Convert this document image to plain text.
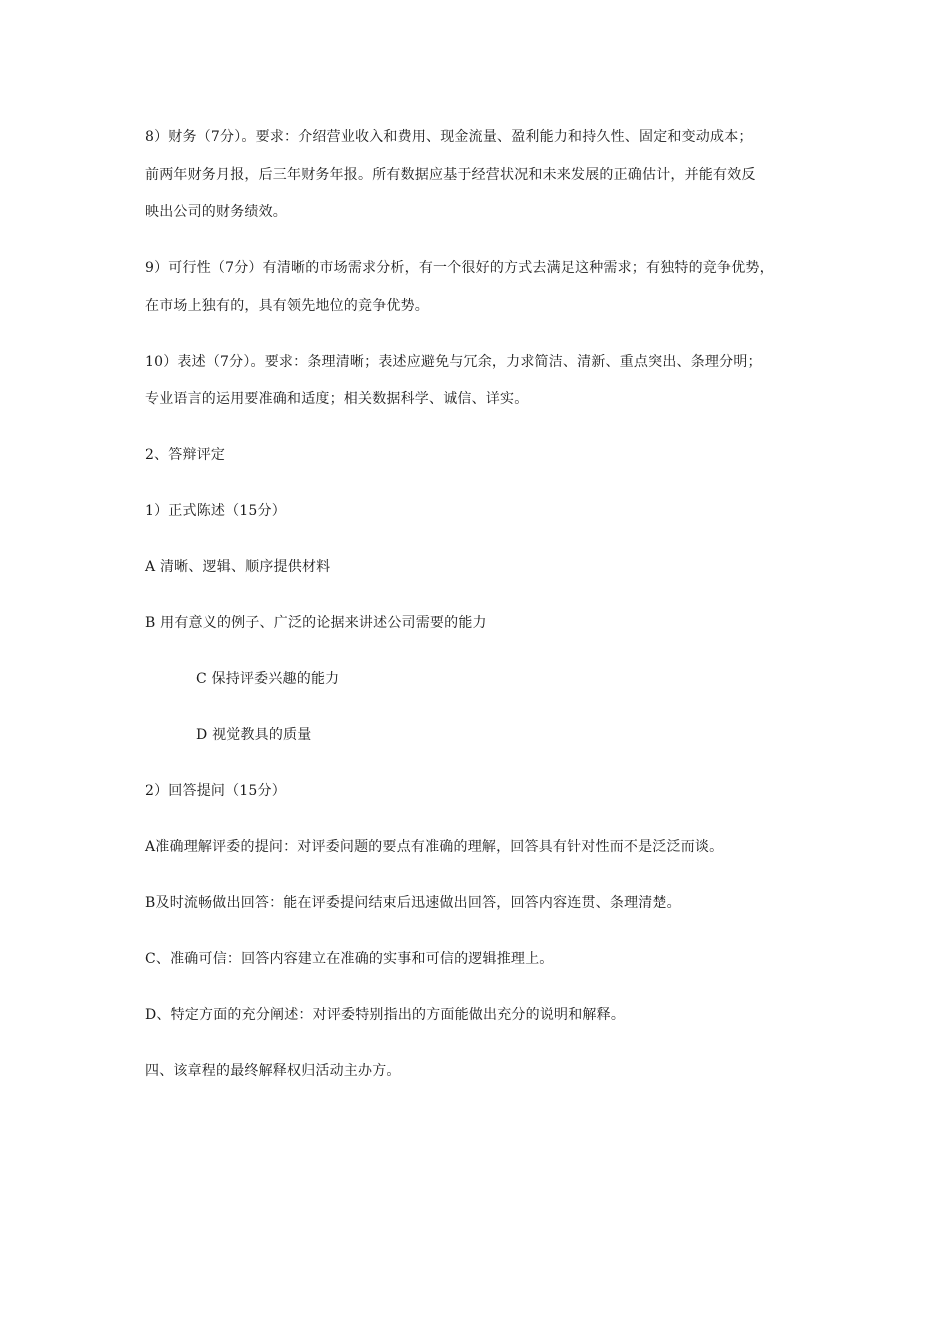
8）财务（7分）。要求：介绍营业收入和费用、现金流量、盈利能力和持久性、固定和变动成本；
前两年财务月报，后三年财务年报。所有数据应基于经营状况和未来发展的正确估计，并能有效反
映出公司的财务绩效。
9）可行性（7分）有清晰的市场需求分析，有一个很好的方式去满足这种需求；有独特的竞争优势，
在市场上独有的，具有领先地位的竞争优势。
10）表述（7分）。要求：条理清晰；表述应避免与冗余，力求简洁、清新、重点突出、条理分明；
专业语言的运用要准确和适度；相关数据科学、诚信、详实。
2、答辩评定
1）正式陈述（15分）
A 清晰、逻辑、顺序提供材料
B 用有意义的例子、广泛的论据来讲述公司需要的能力
C 保持评委兴趣的能力
D 视觉教具的质量
2）回答提问（15分）
A准确理解评委的提问：对评委问题的要点有准确的理解，回答具有针对性而不是泛泛而谈。
B及时流畅做出回答：能在评委提问结束后迅速做出回答，回答内容连贯、条理清楚。
C、准确可信：回答内容建立在准确的实事和可信的逻辑推理上。
D、特定方面的充分阐述：对评委特别指出的方面能做出充分的说明和解释。
四、该章程的最终解释权归活动主办方。
